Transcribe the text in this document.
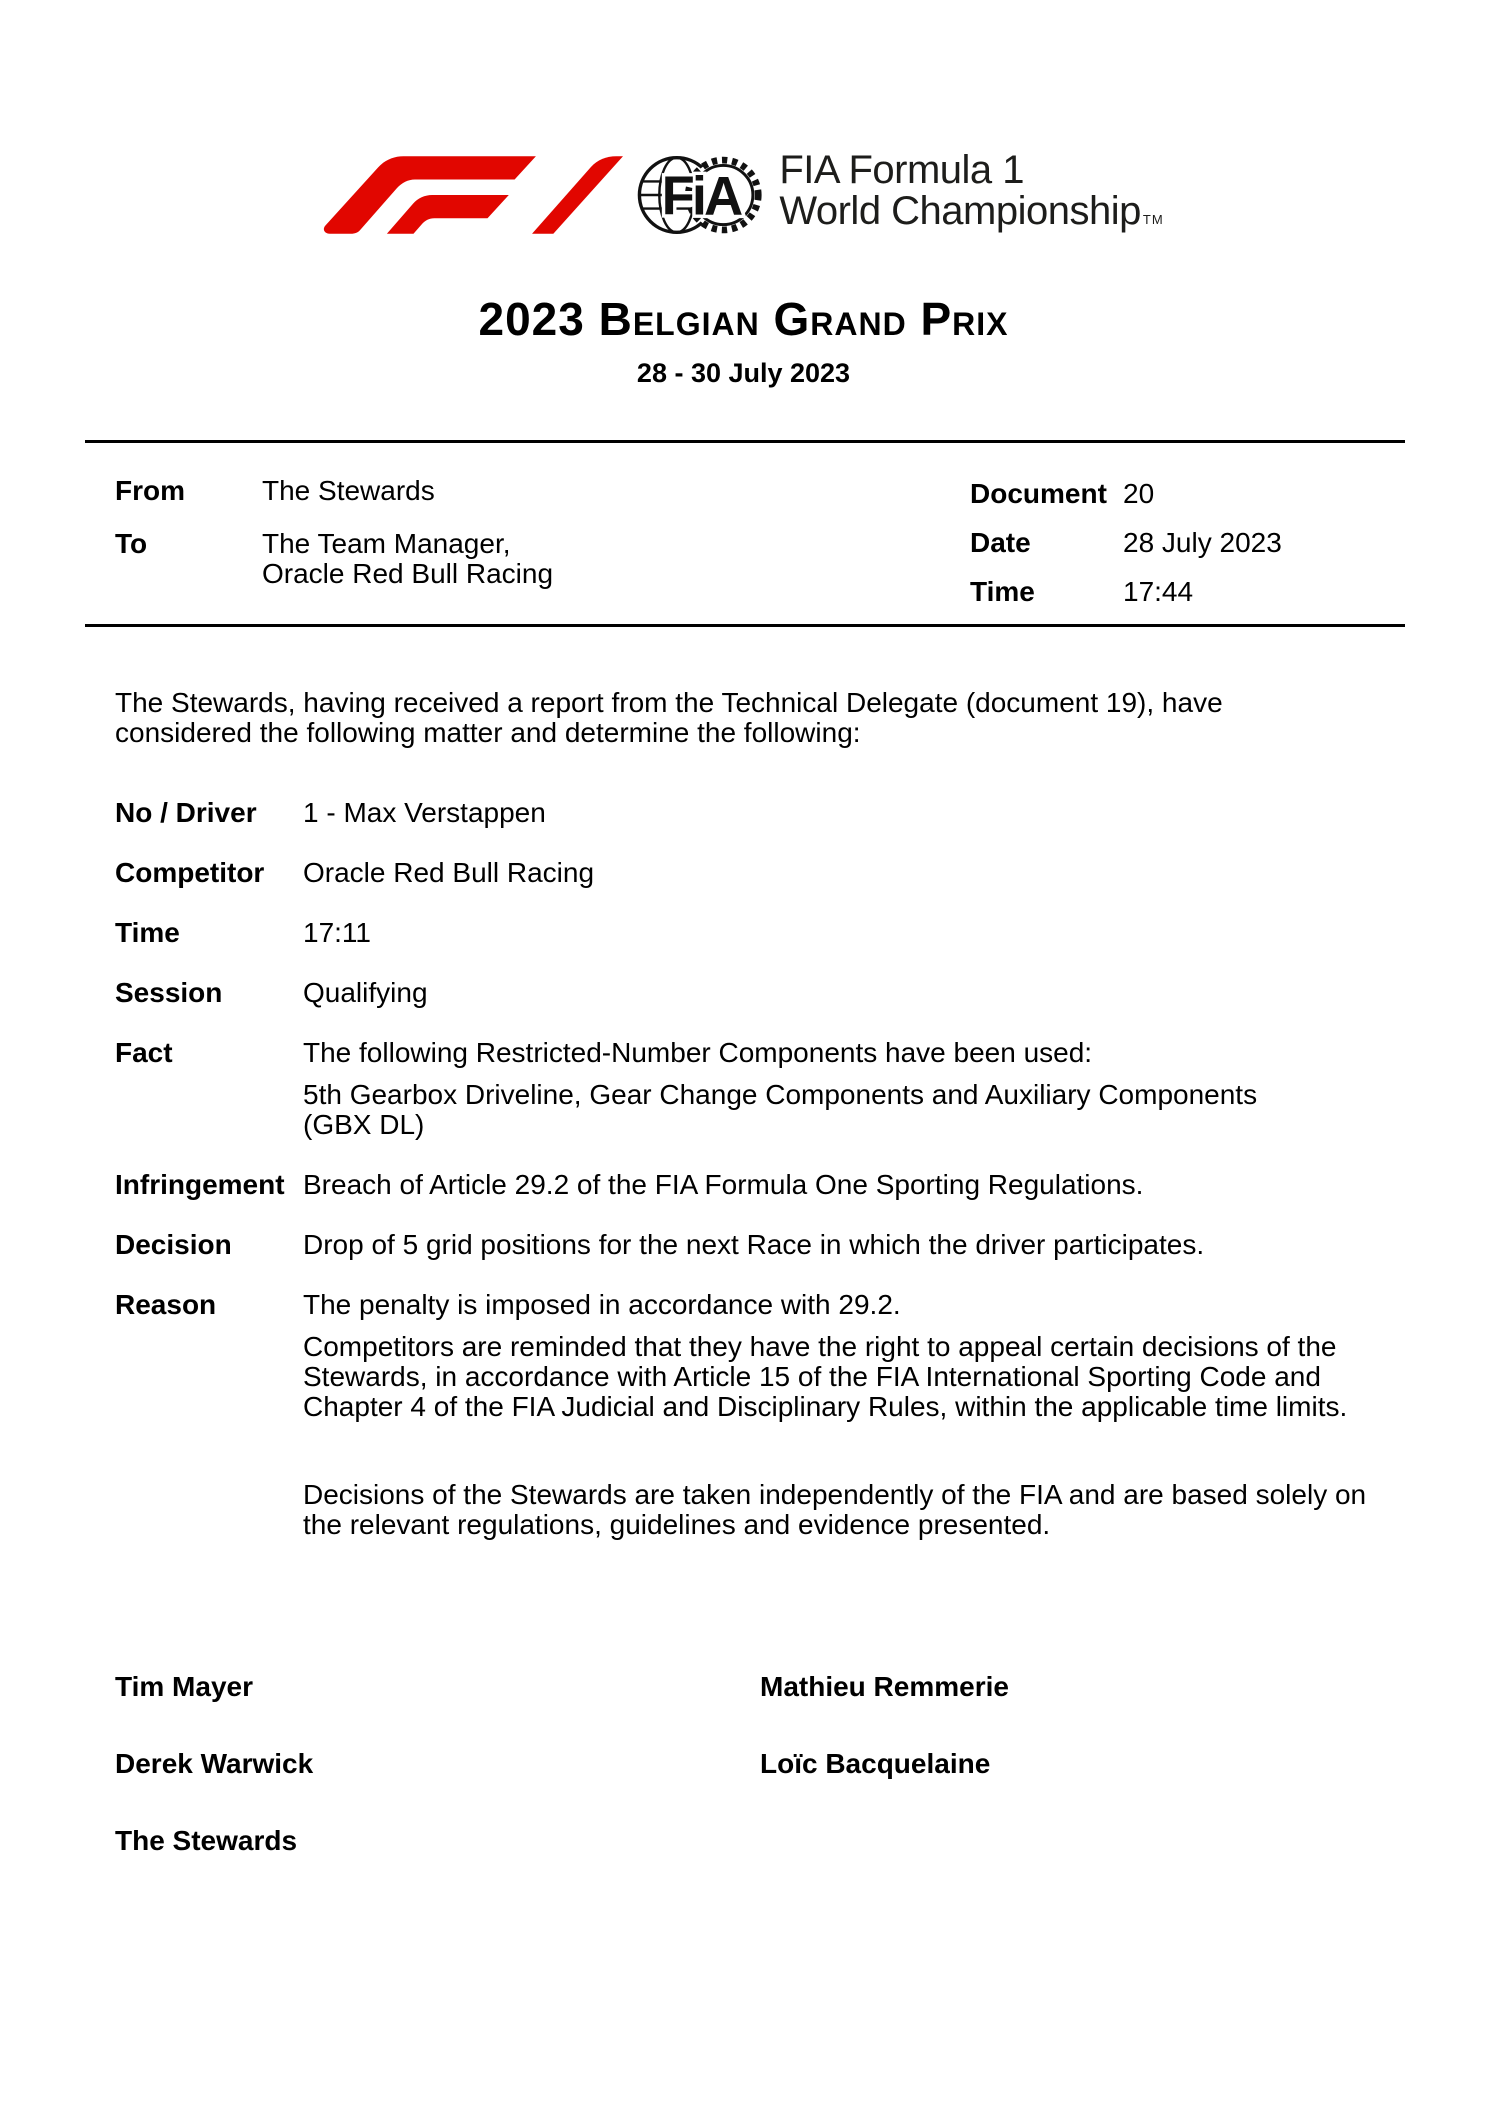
FiA FIA Formula 1
World Championship TM
2023 Belgian Grand Prix
28 - 30 July 2023
From	The Stewards
To	The Team Manager,
Oracle Red Bull Racing
Document 20
Date	28 July 2023
Time	17:44

The Stewards, having received a report from the Technical Delegate (document 19), have considered the following matter and determine the following:

No / Driver	1 - Max Verstappen
Competitor	Oracle Red Bull Racing
Time	17:11
Session	Qualifying
Fact	The following Restricted-Number Components have been used:

5th Gearbox Driveline, Gear Change Components and Auxiliary Components (GBX DL)

Infringement Breach of Article 29.2 of the FIA Formula One Sporting Regulations.
Decision	Drop of 5 grid positions for the next Race in which the driver participates.
Reason	The penalty is imposed in accordance with 29.2.

Competitors are reminded that they have the right to appeal certain decisions of the Stewards, in accordance with Article 15 of the FIA International Sporting Code and Chapter 4 of the FIA Judicial and Disciplinary Rules, within the applicable time limits.

Decisions of the Stewards are taken independently of the FIA and are based solely on the relevant regulations, guidelines and evidence presented.

Tim Mayer	Mathieu Remmerie
Derek Warwick	Loïc Bacquelaine
The Stewards
